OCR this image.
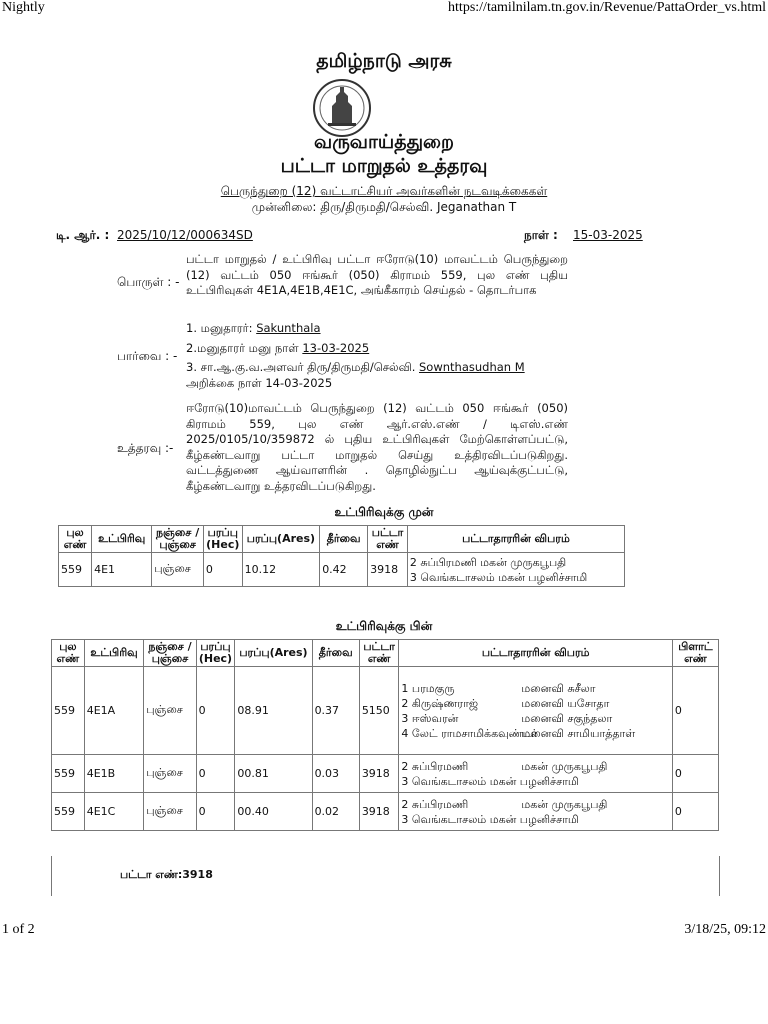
Nightly	https://tamilnilam.tn.gov.in/Revenue/PattaOrder_vs.html
1 of 2	3/18/25, 09:12
தமிழ்நாடு அரசு
வருவாய்த்துறை
பட்டா மாறுதல் உத்தரவு
பெருந்துறை (12) வட்டாட்சியர் அவர்களின் நடவடிக்கைகள்
முன்னிலை: திரு/திருமதி/செல்வி. Jeganathan T
டி. ஆர். : 2025/10/12/000634SD	நாள் : 15-03-2025
பொருள் : -
பட்டா மாறுதல் / உட்பிரிவு பட்டா ஈரோடு(10) மாவட்டம் பெருந்துறை (12) வட்டம் 050 ஈங்கூர் (050) கிராமம் 559, புல எண் புதிய உட்பிரிவுகள் 4E1A,4E1B,4E1C, அங்கீகாரம் செய்தல் - தொடர்பாக
பார்வை : -
1. மனுதாரர்: Sakunthala
2.மனுதாரர் மனு நாள் 13-03-2025
3. சா.ஆ.கு.வ.அளவர் திரு/திருமதி/செல்வி. Sownthasudhan M
அறிக்கை நாள் 14-03-2025
உத்தரவு :-
ஈரோடு(10)மாவட்டம் பெருந்துறை (12) வட்டம் 050 ஈங்கூர் (050) கிராமம் 559, புல எண் ஆர்.எஸ்.எண் / டிஎஸ்.எண் 2025/0105/10/359872 ல் புதிய உட்பிரிவுகள் மேற்கொள்ளப்பட்டு, கீழ்கண்டவாறு பட்டா மாறுதல் செய்து உத்திரவிடப்படுகிறது. வட்டத்துணை ஆய்வாளரின் . தொழில்நுட்ப ஆய்வுக்குட்பட்டு, கீழ்கண்டவாறு உத்தரவிடப்படுகிறது.
உட்பிரிவுக்கு முன்
புல எண்	உட்பிரிவு	நஞ்சை / புஞ்சை	பரப்பு (Hec)	பரப்பு(Ares)	தீர்வை	பட்டா எண்	பட்டாதாரரின் விபரம்
559	4E1	புஞ்சை	0	10.12	0.42	3918	2 சுப்பிரமணி மகன் முருகபூபதி
3 வெங்கடாசலம் மகன் பழனிச்சாமி
உட்பிரிவுக்கு பின்
புல எண்	உட்பிரிவு	நஞ்சை / புஞ்சை	பரப்பு (Hec)	பரப்பு(Ares)	தீர்வை	பட்டா எண்	பட்டாதாரரின் விபரம்	பிளாட் எண்
559	4E1A	புஞ்சை	0	08.91	0.37	5150	1 பரமகுரு மனைவி சுசீலா
2 கிருஷ்ணராஜ் மனைவி யசோதா
3 ஈஸ்வரன் மனைவி சகுந்தலா
4 லேட் ராமசாமிக்கவுண்டர்மனைவி சாமியாத்தாள்	0
559	4E1B	புஞ்சை	0	00.81	0.03	3918	2 சுப்பிரமணி மகன் முருகபூபதி
3 வெங்கடாசலம் மகன் பழனிச்சாமி	0
559	4E1C	புஞ்சை	0	00.40	0.02	3918	2 சுப்பிரமணி மகன் முருகபூபதி
3 வெங்கடாசலம் மகன் பழனிச்சாமி	0
பட்டா எண்:3918
